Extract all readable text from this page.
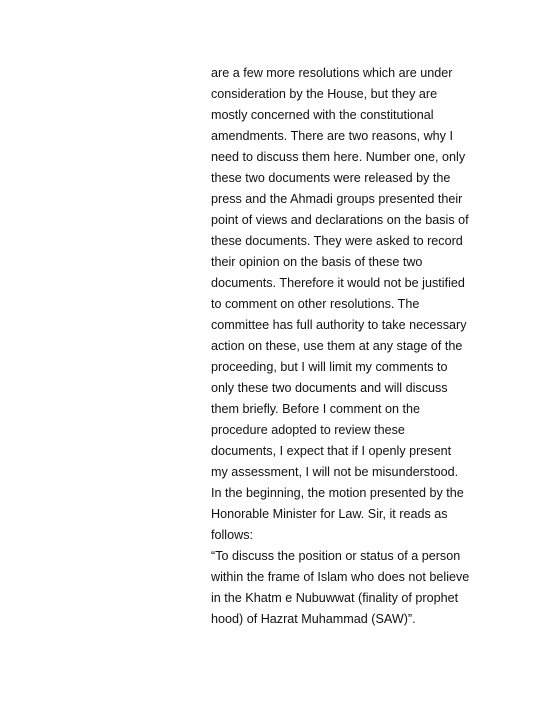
are a few more resolutions which are under
consideration by the House, but they are
mostly concerned with the constitutional
amendments. There are two reasons, why I
need to discuss them here. Number one, only
these two documents were released by the
press and the Ahmadi groups presented their
point of views and declarations on the basis of
these documents. They were asked to record
their opinion on the basis of these two
documents. Therefore it would not be justified
to comment on other resolutions. The
committee has full authority to take necessary
action on these, use them at any stage of the
proceeding, but I will limit my comments to
only these two documents and will discuss
them briefly. Before I comment on the
procedure adopted to review these
documents, I expect that if I openly present
my assessment, I will not be misunderstood.
In the beginning, the motion presented by the
Honorable Minister for Law. Sir, it reads as
follows:
“To discuss the position or status of a person
within the frame of Islam who does not believe
in the Khatm e Nubuwwat (finality of prophet
hood) of Hazrat Muhammad (SAW)”.
